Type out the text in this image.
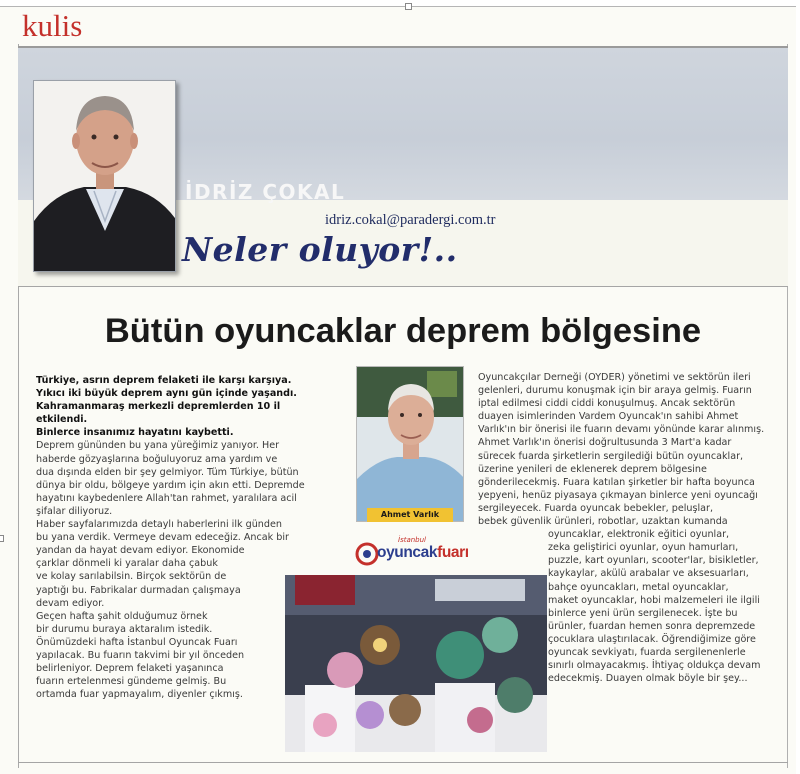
kulis
İDRİZ ÇOKAL
idriz.cokal@paradergi.com.tr
Neler oluyor!..
Bütün oyuncaklar deprem bölgesine

Türkiye, asrın deprem felaketi ile karşı karşıya.

Yıkıcı iki büyük deprem aynı gün içinde yaşandı.

Kahramanmaraş merkezli depremlerden 10 il etkilendi.

Binlerce insanımız hayatını kaybetti.

Deprem gününden bu yana yüreğimiz yanıyor. Her

haberde gözyaşlarına boğuluyoruz ama yardım ve

dua dışında elden bir şey gelmiyor. Tüm Türkiye, bütün

dünya bir oldu, bölgeye yardım için akın etti. Depremde

hayatını kaybedenlere Allah'tan rahmet, yaralılara acil

şifalar diliyoruz.

Haber sayfalarımızda detaylı haberlerini ilk günden

bu yana verdik. Vermeye devam edeceğiz. Ancak bir

yandan da hayat devam ediyor. Ekonomide

çarklar dönmeli ki yaralar daha çabuk

ve kolay sarılabilsin. Birçok sektörün de

yaptığı bu. Fabrikalar durmadan çalışmaya

devam ediyor.

Geçen hafta şahit olduğumuz örnek

bir durumu buraya aktaralım istedik.

Önümüzdeki hafta İstanbul Oyuncak Fuarı

yapılacak. Bu fuarın takvimi bir yıl önceden

belirleniyor. Deprem felaketi yaşanınca

fuarın ertelenmesi gündeme gelmiş. Bu

ortamda fuar yapmayalım, diyenler çıkmış.

Ahmet Varlık
İstanbul
oyuncakfuarı

Oyuncakçılar Derneği (OYDER) yönetimi ve sektörün ileri

gelenleri, durumu konuşmak için bir araya gelmiş. Fuarın

iptal edilmesi ciddi ciddi konuşulmuş. Ancak sektörün

duayen isimlerinden Vardem Oyuncak'ın sahibi Ahmet

Varlık'ın bir önerisi ile fuarın devamı yönünde karar alınmış.

Ahmet Varlık'ın önerisi doğrultusunda 3 Mart'a kadar

sürecek fuarda şirketlerin sergilediği bütün oyuncaklar,

üzerine yenileri de eklenerek deprem bölgesine

gönderilecekmiş. Fuara katılan şirketler bir hafta boyunca

yepyeni, henüz piyasaya çıkmayan binlerce yeni oyuncağı

sergileyecek. Fuarda oyuncak bebekler, peluşlar,

bebek güvenlik ürünleri, robotlar, uzaktan kumanda

oyuncaklar, elektronik eğitici oyunlar,

zeka geliştirici oyunlar, oyun hamurları,

puzzle, kart oyunları, scooter'lar, bisikletler,

kaykaylar, akülü arabalar ve aksesuarları,

bahçe oyuncakları, metal oyuncaklar,

maket oyuncaklar, hobi malzemeleri ile ilgili

binlerce yeni ürün sergilenecek. İşte bu

ürünler, fuardan hemen sonra depremzede

çocuklara ulaştırılacak. Öğrendiğimize göre

oyuncak sevkiyatı, fuarda sergilenenlerle

sınırlı olmayacakmış. İhtiyaç oldukça devam

edecekmiş. Duayen olmak böyle bir şey...
